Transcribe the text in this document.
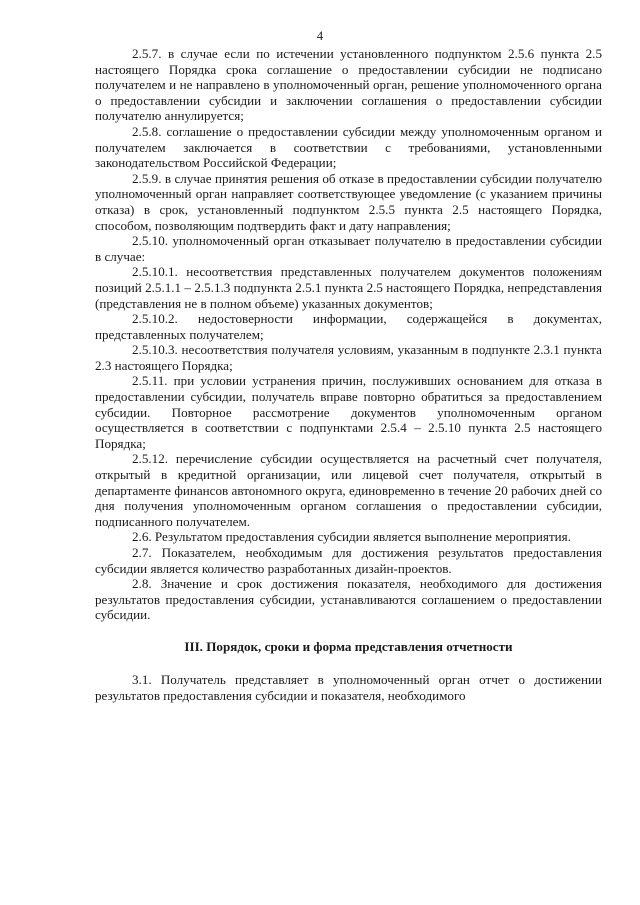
4

2.5.7. в случае если по истечении установленного подпунктом 2.5.6 пункта 2.5 настоящего Порядка срока соглашение о предоставлении субсидии не подписано получателем и не направлено в уполномоченный орган, решение уполномоченного органа о предоставлении субсидии и заключении соглашения о предоставлении субсидии получателю аннулируется;

2.5.8. соглашение о предоставлении субсидии между уполномоченным органом и получателем заключается в соответствии с требованиями, установленными законодательством Российской Федерации;

2.5.9. в случае принятия решения об отказе в предоставлении субсидии получателю уполномоченный орган направляет соответствующее уведомление (с указанием причины отказа) в срок, установленный подпунктом 2.5.5 пункта 2.5 настоящего Порядка, способом, позволяющим подтвердить факт и дату направления;

2.5.10. уполномоченный орган отказывает получателю в предоставлении субсидии в случае:

2.5.10.1. несоответствия представленных получателем документов положениям позиций 2.5.1.1 – 2.5.1.3 подпункта 2.5.1 пункта 2.5 настоящего Порядка, непредставления (представления не в полном объеме) указанных документов;

2.5.10.2. недостоверности информации, содержащейся в документах, представленных получателем;

2.5.10.3. несоответствия получателя условиям, указанным в подпункте 2.3.1 пункта 2.3 настоящего Порядка;

2.5.11. при условии устранения причин, послуживших основанием для отказа в предоставлении субсидии, получатель вправе повторно обратиться за предоставлением субсидии. Повторное рассмотрение документов уполномоченным органом осуществляется в соответствии с подпунктами 2.5.4 – 2.5.10 пункта 2.5 настоящего Порядка;

2.5.12. перечисление субсидии осуществляется на расчетный счет получателя, открытый в кредитной организации, или лицевой счет получателя, открытый в департаменте финансов автономного округа, единовременно в течение 20 рабочих дней со дня получения уполномоченным органом соглашения о предоставлении субсидии, подписанного получателем.

2.6. Результатом предоставления субсидии является выполнение мероприятия.

2.7. Показателем, необходимым для достижения результатов предоставления субсидии является количество разработанных дизайн-проектов.

2.8. Значение и срок достижения показателя, необходимого для достижения результатов предоставления субсидии, устанавливаются соглашением о предоставлении субсидии.

III. Порядок, сроки и форма представления отчетности

3.1. Получатель представляет в уполномоченный орган отчет о достижении результатов предоставления субсидии и показателя, необходимого
